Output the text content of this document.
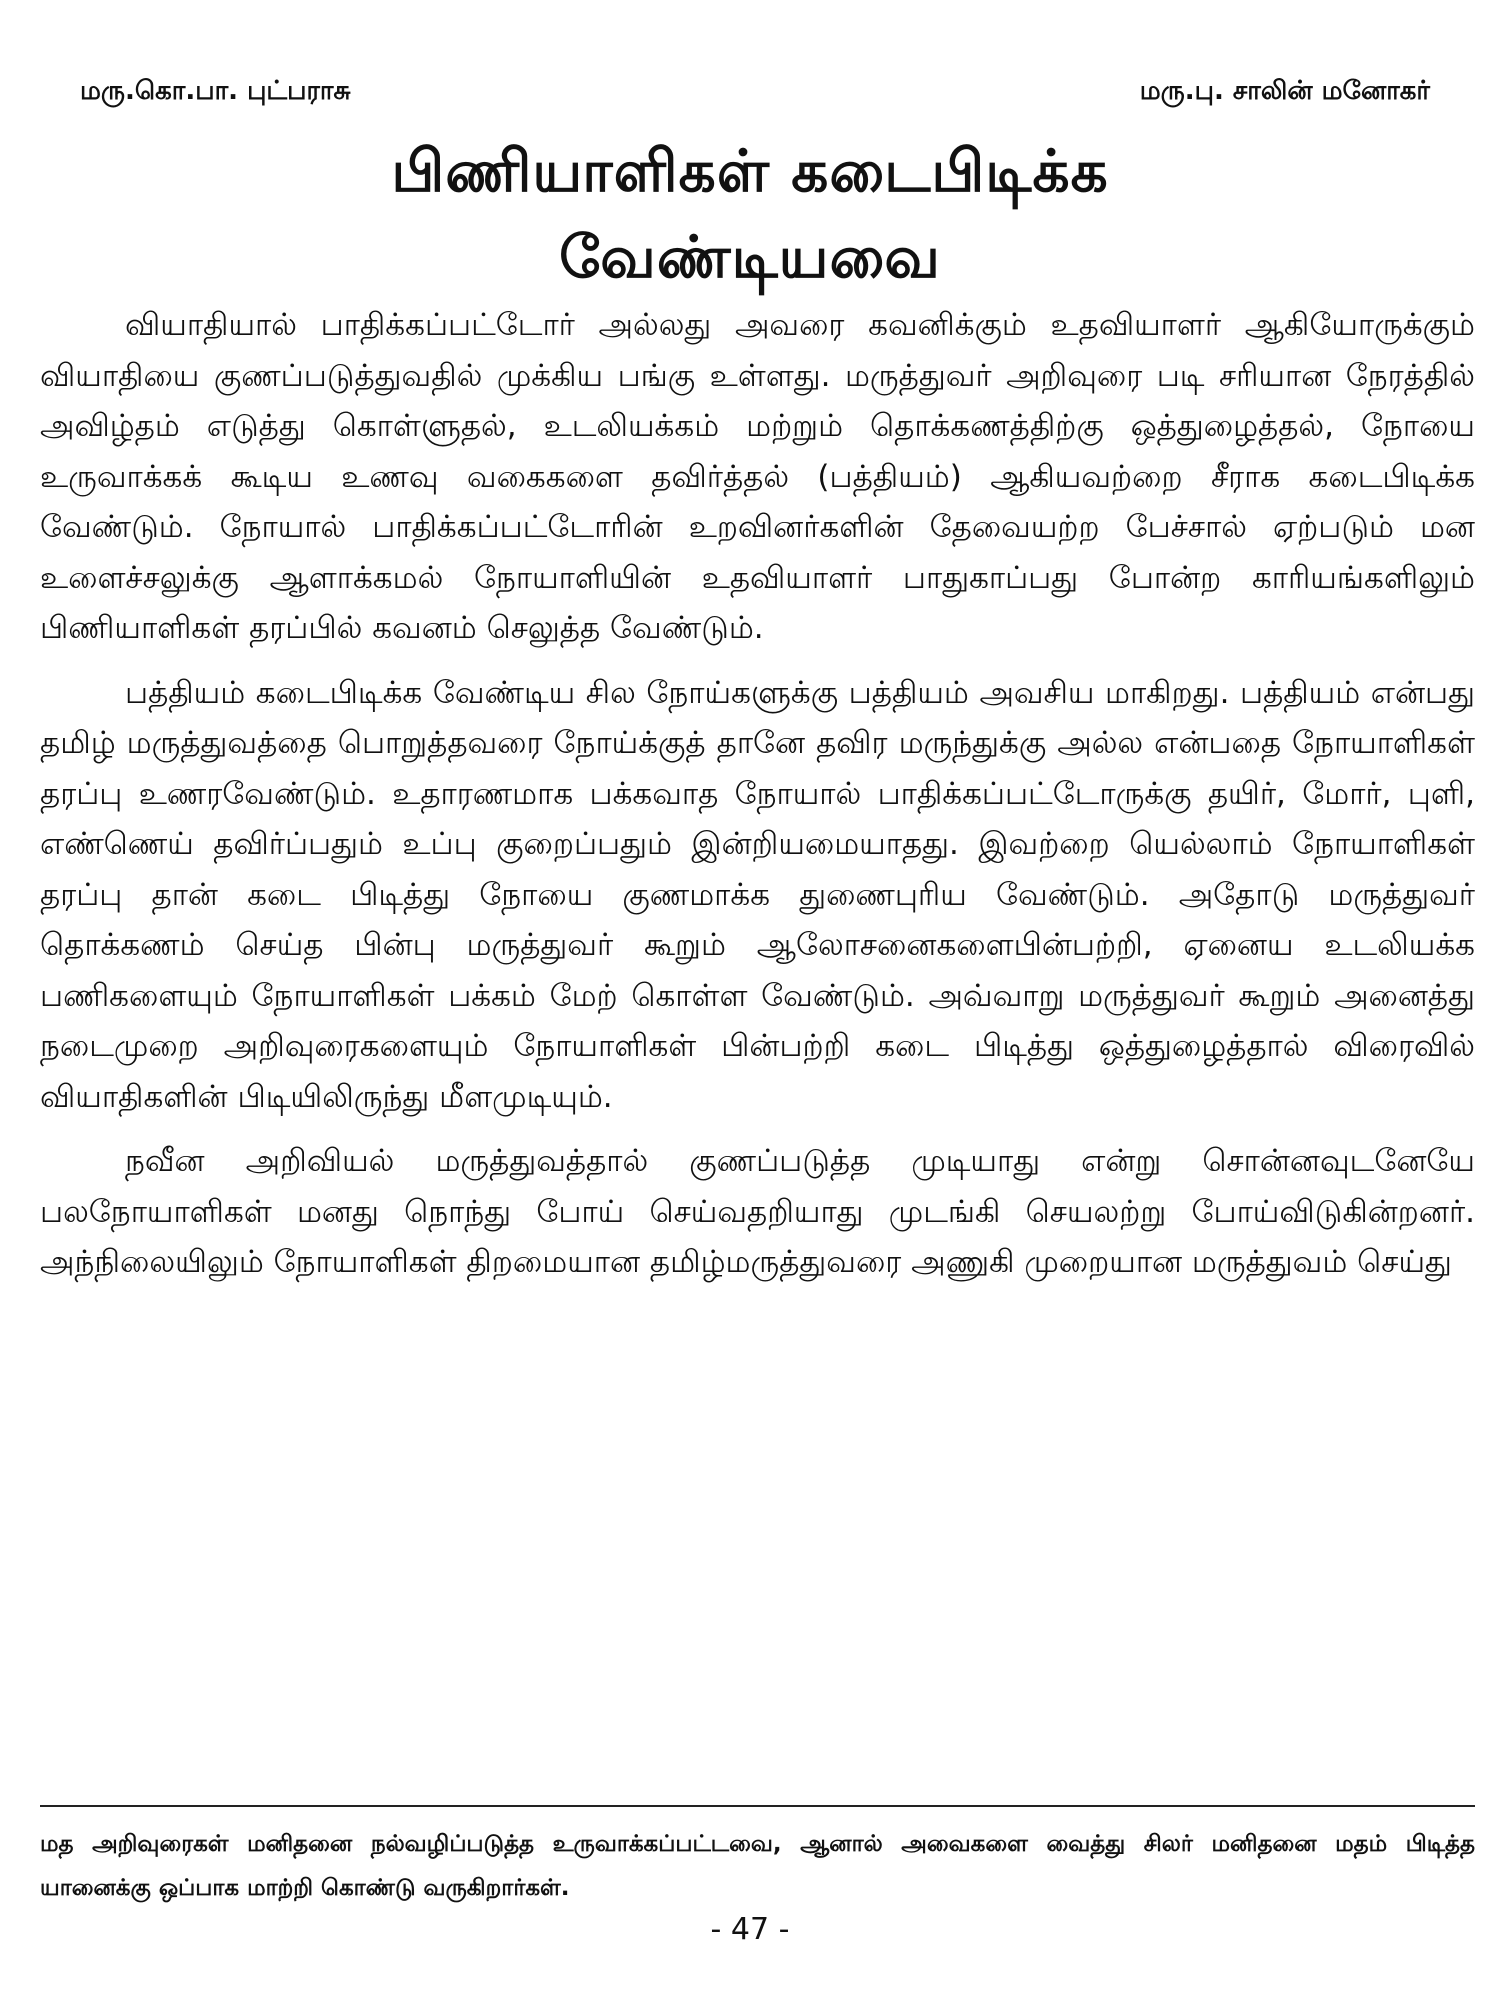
மரு.கொ.பா. புட்பராசு	மரு.பு. சாலின் மனோகர்
பிணியாளிகள் கடைபிடிக்க
வேண்டியவை

வியாதியால் பாதிக்கப்பட்டோர் அல்லது அவரை கவனிக்கும் உதவியாளர் ஆகியோருக்கும் வியாதியை குணப்படுத்துவதில் முக்கிய பங்கு உள்ளது. மருத்துவர் அறிவுரை படி சரியான நேரத்தில் அவிழ்தம் எடுத்து கொள்ளுதல், உடலியக்கம் மற்றும் தொக்கணத்திற்கு ஒத்துழைத்தல், நோயை உருவாக்கக் கூடிய உணவு வகைகளை தவிர்த்தல் (பத்தியம்) ஆகியவற்றை சீராக கடைபிடிக்க வேண்டும். நோயால் பாதிக்கப்பட்டோரின் உறவினர்களின் தேவையற்ற பேச்சால் ஏற்படும் மன உளைச்சலுக்கு ஆளாக்கமல் நோயாளியின் உதவியாளர் பாதுகாப்பது போன்ற காரியங்களிலும் பிணியாளிகள் தரப்பில் கவனம் செலுத்த வேண்டும்.

பத்தியம் கடைபிடிக்க வேண்டிய சில நோய்களுக்கு பத்தியம் அவசிய மாகிறது. பத்தியம் என்பது தமிழ் மருத்துவத்தை பொறுத்தவரை நோய்க்குத் தானே தவிர மருந்துக்கு அல்ல என்பதை நோயாளிகள் தரப்பு உணரவேண்டும். உதாரணமாக பக்கவாத நோயால் பாதிக்கப்பட்டோருக்கு தயிர், மோர், புளி, எண்ணெய் தவிர்ப்பதும் உப்பு குறைப்பதும் இன்றியமையாதது. இவற்றை யெல்லாம் நோயாளிகள் தரப்பு தான் கடை பிடித்து நோயை குணமாக்க துணைபுரிய வேண்டும். அதோடு மருத்துவர் தொக்கணம் செய்த பின்பு மருத்துவர் கூறும் ஆலோசனைகளைபின்பற்றி, ஏனைய உடலியக்க பணிகளையும் நோயாளிகள் பக்கம் மேற் கொள்ள வேண்டும். அவ்வாறு மருத்துவர் கூறும் அனைத்து நடைமுறை அறிவுரைகளையும் நோயாளிகள் பின்பற்றி கடை பிடித்து ஒத்துழைத்தால் விரைவில் வியாதிகளின் பிடியிலிருந்து மீளமுடியும்.

நவீன அறிவியல் மருத்துவத்தால் குணப்படுத்த முடியாது என்று சொன்னவுடனேயே பலநோயாளிகள் மனது நொந்து போய் செய்வதறியாது முடங்கி செயலற்று போய்விடுகின்றனர். அந்நிலையிலும் நோயாளிகள் திறமையான தமிழ்மருத்துவரை அணுகி முறையான மருத்துவம் செய்து

மத அறிவுரைகள் மனிதனை நல்வழிப்படுத்த உருவாக்கப்பட்டவை, ஆனால் அவைகளை வைத்து சிலர் மனிதனை மதம் பிடித்த யானைக்கு ஒப்பாக மாற்றி கொண்டு வருகிறார்கள்.
- 47 -
